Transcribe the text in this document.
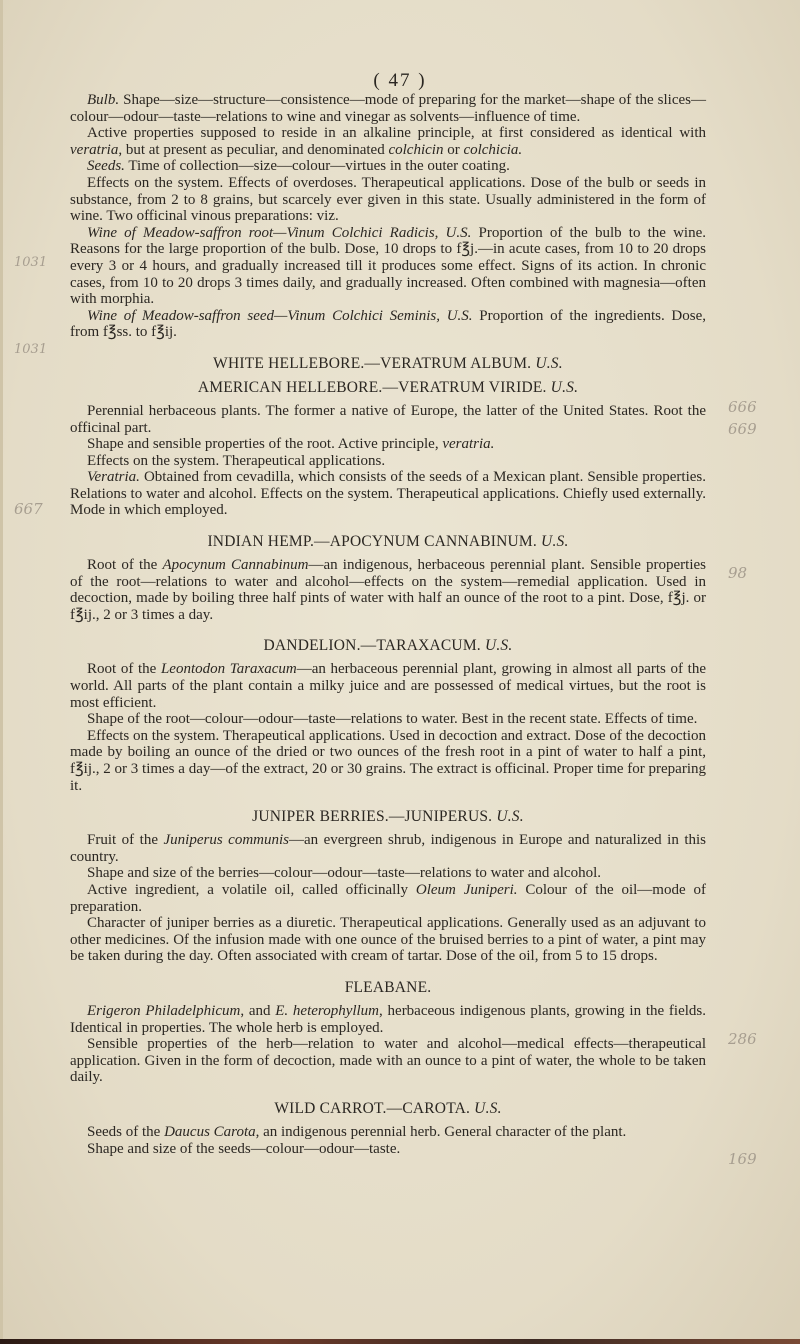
( 47 )

Bulb. Shape—size—structure—consistence—mode of preparing for the market—shape of the slices—colour—odour—taste—relations to wine and vinegar as solvents—influence of time.

Active properties supposed to reside in an alkaline principle, at first considered as identical with veratria, but at present as peculiar, and denominated colchicin or colchicia.

Seeds. Time of collection—size—colour—virtues in the outer coating.

Effects on the system. Effects of overdoses. Therapeutical applications. Dose of the bulb or seeds in substance, from 2 to 8 grains, but scarcely ever given in this state. Usually administered in the form of wine. Two officinal vinous preparations: viz.

Wine of Meadow-saffron root—Vinum Colchici Radicis, U.S. Proportion of the bulb to the wine. Reasons for the large proportion of the bulb. Dose, 10 drops to f℥j.—in acute cases, from 10 to 20 drops every 3 or 4 hours, and gradually increased till it produces some effect. Signs of its action. In chronic cases, from 10 to 20 drops 3 times daily, and gradually increased. Often combined with magnesia—often with morphia.

Wine of Meadow-saffron seed—Vinum Colchici Seminis, U.S. Proportion of the ingredients. Dose, from f℥ss. to f℥ij.

WHITE HELLEBORE.—VERATRUM ALBUM. U.S.
AMERICAN HELLEBORE.—VERATRUM VIRIDE. U.S.

Perennial herbaceous plants. The former a native of Europe, the latter of the United States. Root the officinal part.

Shape and sensible properties of the root. Active principle, veratria.

Effects on the system. Therapeutical applications.

Veratria. Obtained from cevadilla, which consists of the seeds of a Mexican plant. Sensible properties. Relations to water and alcohol. Effects on the system. Therapeutical applications. Chiefly used externally. Mode in which employed.

INDIAN HEMP.—APOCYNUM CANNABINUM. U.S.

Root of the Apocynum Cannabinum—an indigenous, herbaceous perennial plant. Sensible properties of the root—relations to water and alcohol—effects on the system—remedial application. Used in decoction, made by boiling three half pints of water with half an ounce of the root to a pint. Dose, f℥j. or f℥ij., 2 or 3 times a day.

DANDELION.—TARAXACUM. U.S.

Root of the Leontodon Taraxacum—an herbaceous perennial plant, growing in almost all parts of the world. All parts of the plant contain a milky juice and are possessed of medical virtues, but the root is most efficient.

Shape of the root—colour—odour—taste—relations to water. Best in the recent state. Effects of time.

Effects on the system. Therapeutical applications. Used in decoction and extract. Dose of the decoction made by boiling an ounce of the dried or two ounces of the fresh root in a pint of water to half a pint, f℥ij., 2 or 3 times a day—of the extract, 20 or 30 grains. The extract is officinal. Proper time for preparing it.

JUNIPER BERRIES.—JUNIPERUS. U.S.

Fruit of the Juniperus communis—an evergreen shrub, indigenous in Europe and naturalized in this country.

Shape and size of the berries—colour—odour—taste—relations to water and alcohol.

Active ingredient, a volatile oil, called officinally Oleum Juniperi. Colour of the oil—mode of preparation.

Character of juniper berries as a diuretic. Therapeutical applications. Generally used as an adjuvant to other medicines. Of the infusion made with one ounce of the bruised berries to a pint of water, a pint may be taken during the day. Often associated with cream of tartar. Dose of the oil, from 5 to 15 drops.

FLEABANE.

Erigeron Philadelphicum, and E. heterophyllum, herbaceous indigenous plants, growing in the fields. Identical in properties. The whole herb is employed.

Sensible properties of the herb—relation to water and alcohol—medical effects—therapeutical application. Given in the form of decoction, made with an ounce to a pint of water, the whole to be taken daily.

WILD CARROT.—CAROTA. U.S.

Seeds of the Daucus Carota, an indigenous perennial herb. General character of the plant.

Shape and size of the seeds—colour—odour—taste.

1031
1031
666
669
667
98
286
169
